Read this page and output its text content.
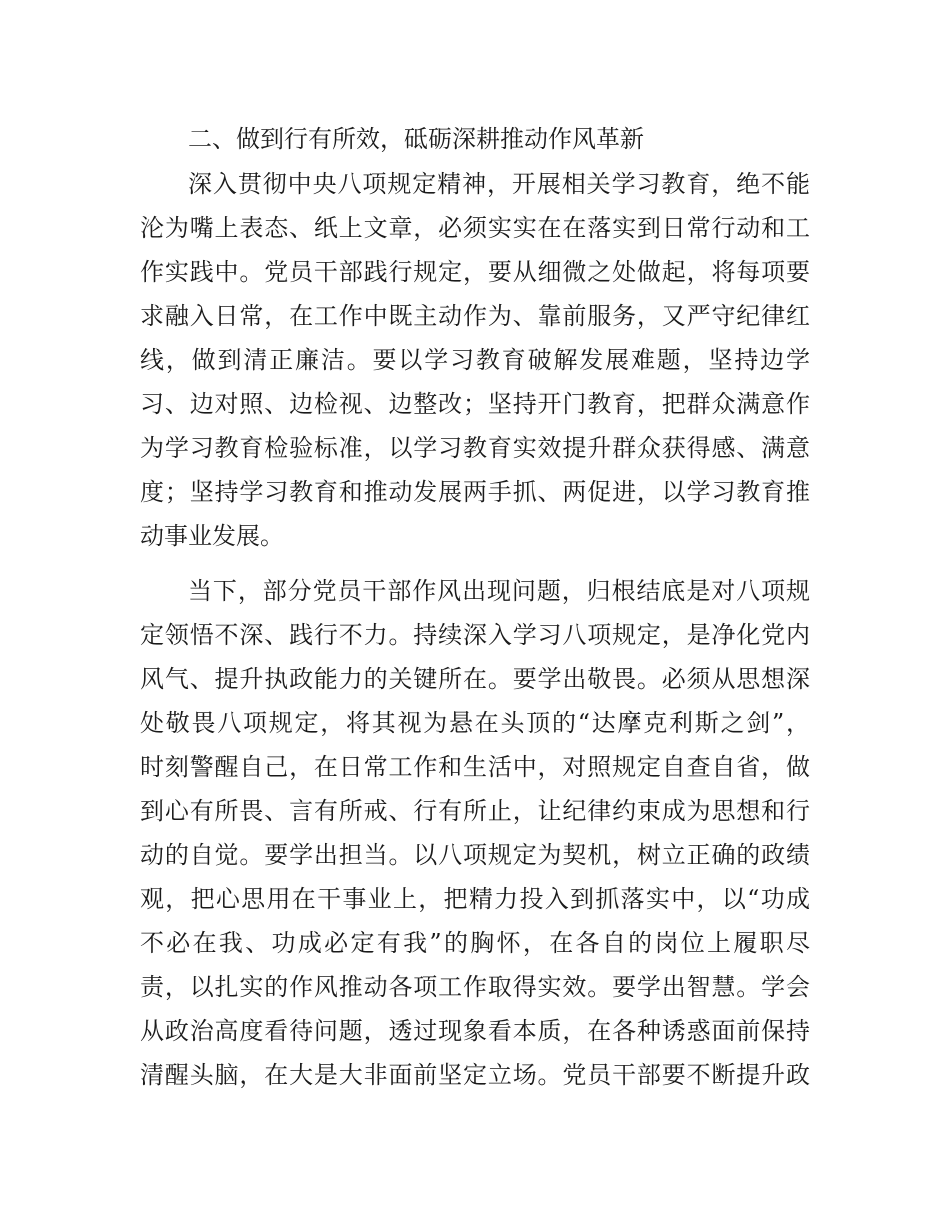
二、做到行有所效，砥砺深耕推动作风革新
深入贯彻中央八项规定精神，开展相关学习教育，绝不能
沦为嘴上表态、纸上文章，必须实实在在落实到日常行动和工
作实践中。党员干部践行规定，要从细微之处做起，将每项要
求融入日常，在工作中既主动作为、靠前服务，又严守纪律红
线，做到清正廉洁。要以学习教育破解发展难题，坚持边学
习、边对照、边检视、边整改；坚持开门教育，把群众满意作
为学习教育检验标准，以学习教育实效提升群众获得感、满意
度；坚持学习教育和推动发展两手抓、两促进，以学习教育推
动事业发展。
当下，部分党员干部作风出现问题，归根结底是对八项规
定领悟不深、践行不力。持续深入学习八项规定，是净化党内
风气、提升执政能力的关键所在。要学出敬畏。必须从思想深
处敬畏八项规定，将其视为悬在头顶的“达摩克利斯之剑”，
时刻警醒自己，在日常工作和生活中，对照规定自查自省，做
到心有所畏、言有所戒、行有所止，让纪律约束成为思想和行
动的自觉。要学出担当。以八项规定为契机，树立正确的政绩
观，把心思用在干事业上，把精力投入到抓落实中，以“功成
不必在我、功成必定有我”的胸怀，在各自的岗位上履职尽
责，以扎实的作风推动各项工作取得实效。要学出智慧。学会
从政治高度看待问题，透过现象看本质，在各种诱惑面前保持
清醒头脑，在大是大非面前坚定立场。党员干部要不断提升政
